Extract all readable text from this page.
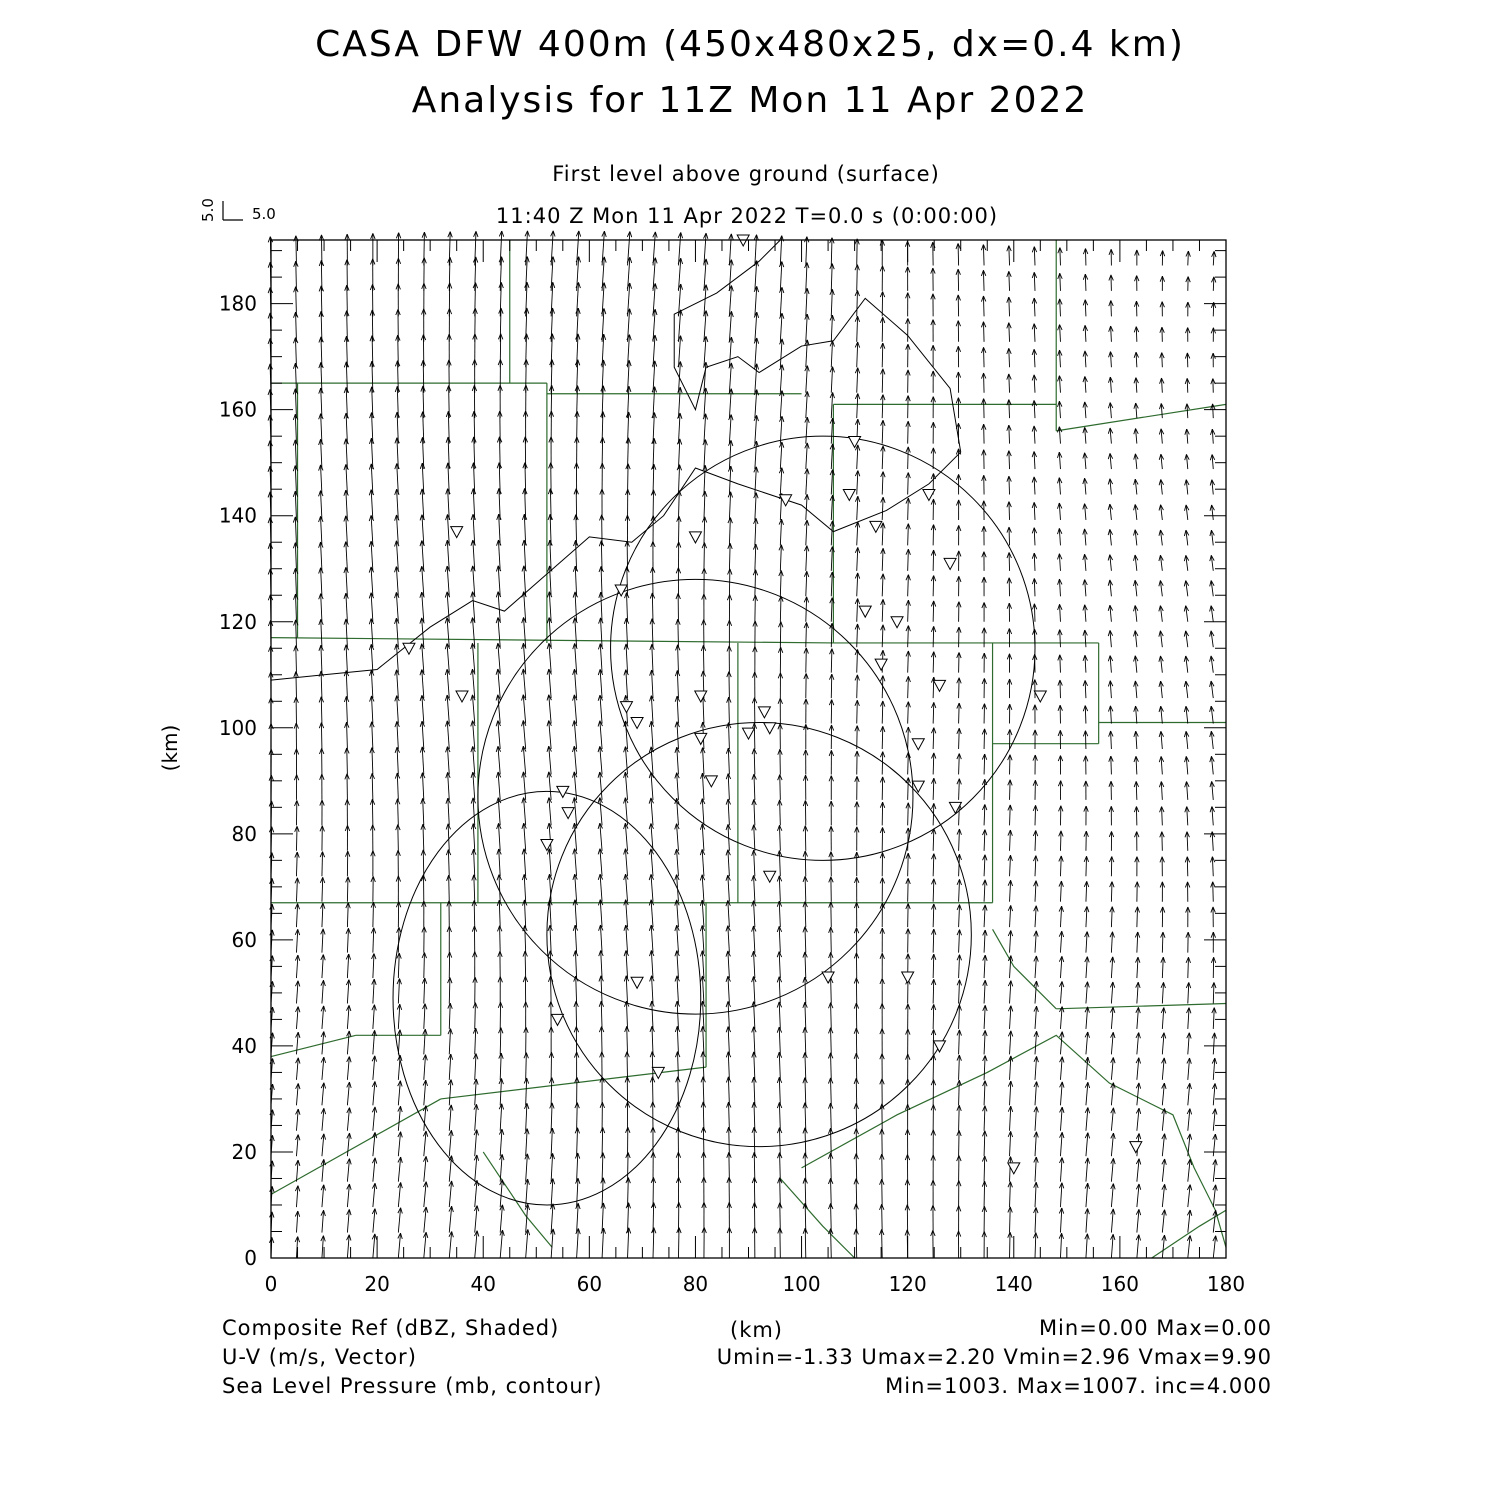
CASA DFW 400m (450x480x25, dx=0.4 km)
Analysis for 11Z Mon 11 Apr 2022
First level above ground (surface)
11:40 Z Mon 11 Apr 2022 T=0.0 s (0:00:00)
0	20	40	60	80	100	120	140	160	180
0
20
40
60
80
100
120
140
160
180
(km)
5.0 5.0
(km)
Composite Ref (dBZ, Shaded)	Min=0.00 Max=0.00
U-V (m/s, Vector)	Umin=-1.33 Umax=2.20 Vmin=2.96 Vmax=9.90
Sea Level Pressure (mb, contour)	Min=1003. Max=1007. inc=4.000
